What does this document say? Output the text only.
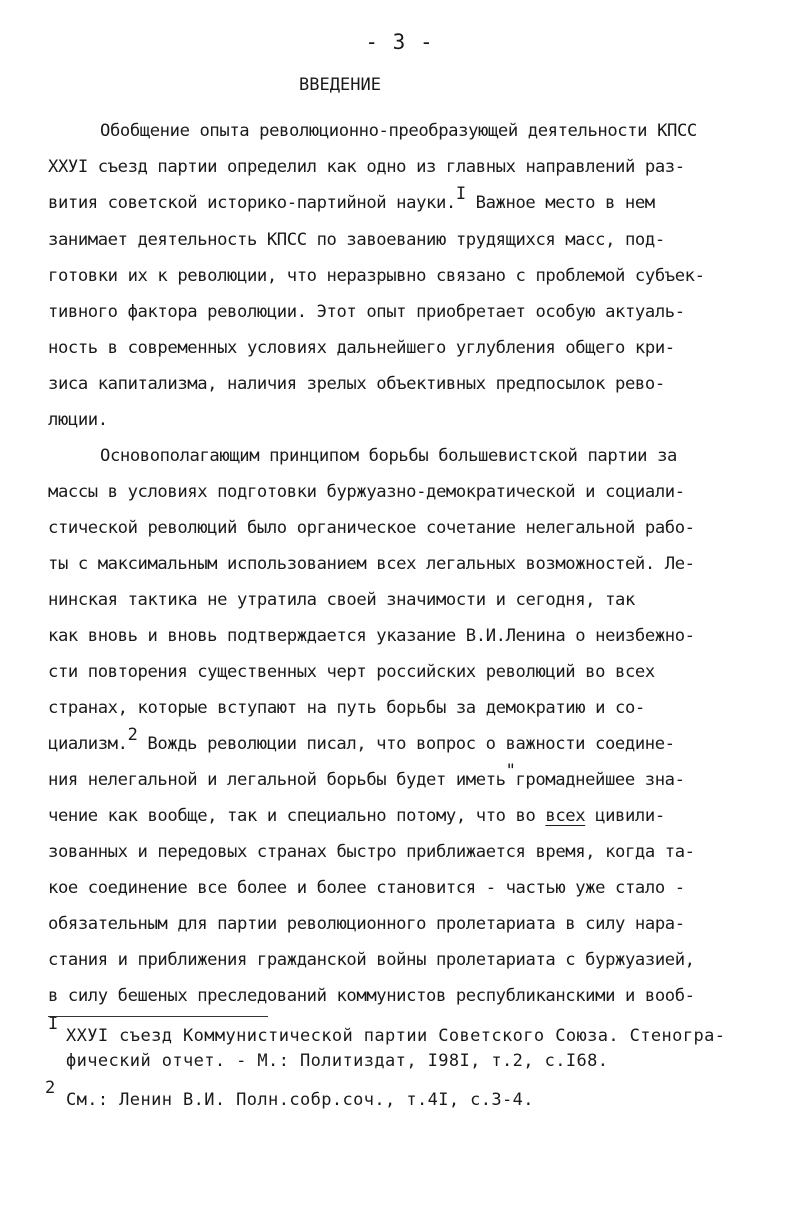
- 3 -
ВВЕДЕНИЕ
Обобщение опыта революционно-преобразующей деятельности КПСС
ХХУI съезд партии определил как одно из главных направлений раз-
вития советской историко-партийной науки.I Важное место в нем
занимает деятельность КПСС по завоеванию трудящихся масс, под-
готовки их к революции, что неразрывно связано с проблемой субъек-
тивного фактора революции. Этот опыт приобретает особую актуаль-
ность в современных условиях дальнейшего углубления общего кри-
зиса капитализма, наличия зрелых объективных предпосылок рево-
люции.
Основополагающим принципом борьбы большевистской партии за
массы в условиях подготовки буржуазно-демократической и социали-
стической революций было органическое сочетание нелегальной рабо-
ты с максимальным использованием всех легальных возможностей. Ле-
нинская тактика не утратила своей значимости и сегодня, так
как вновь и вновь подтверждается указание В.И.Ленина о неизбежно-
сти повторения существенных черт российских революций во всех
странах, которые вступают на путь борьбы за демократию и со-
циализм.2 Вождь революции писал, что вопрос о важности соедине-
ния нелегальной и легальной борьбы будет иметь"громаднейшее зна-
чение как вообще, так и специально потому, что во всех цивили-
зованных и передовых странах быстро приближается время, когда та-
кое соединение все более и более становится - частью уже стало -
обязательным для партии революционного пролетариата в силу нара-
стания и приближения гражданской войны пролетариата с буржуазией,
в силу бешеных преследований коммунистов республиканскими и вооб-
I
ХХУI съезд Коммунистической партии Советского Союза. Стеногра-
фический отчет. - М.: Политиздат, I98I, т.2, с.I68.
2
См.: Ленин В.И. Полн.собр.соч., т.4I, с.3-4.
